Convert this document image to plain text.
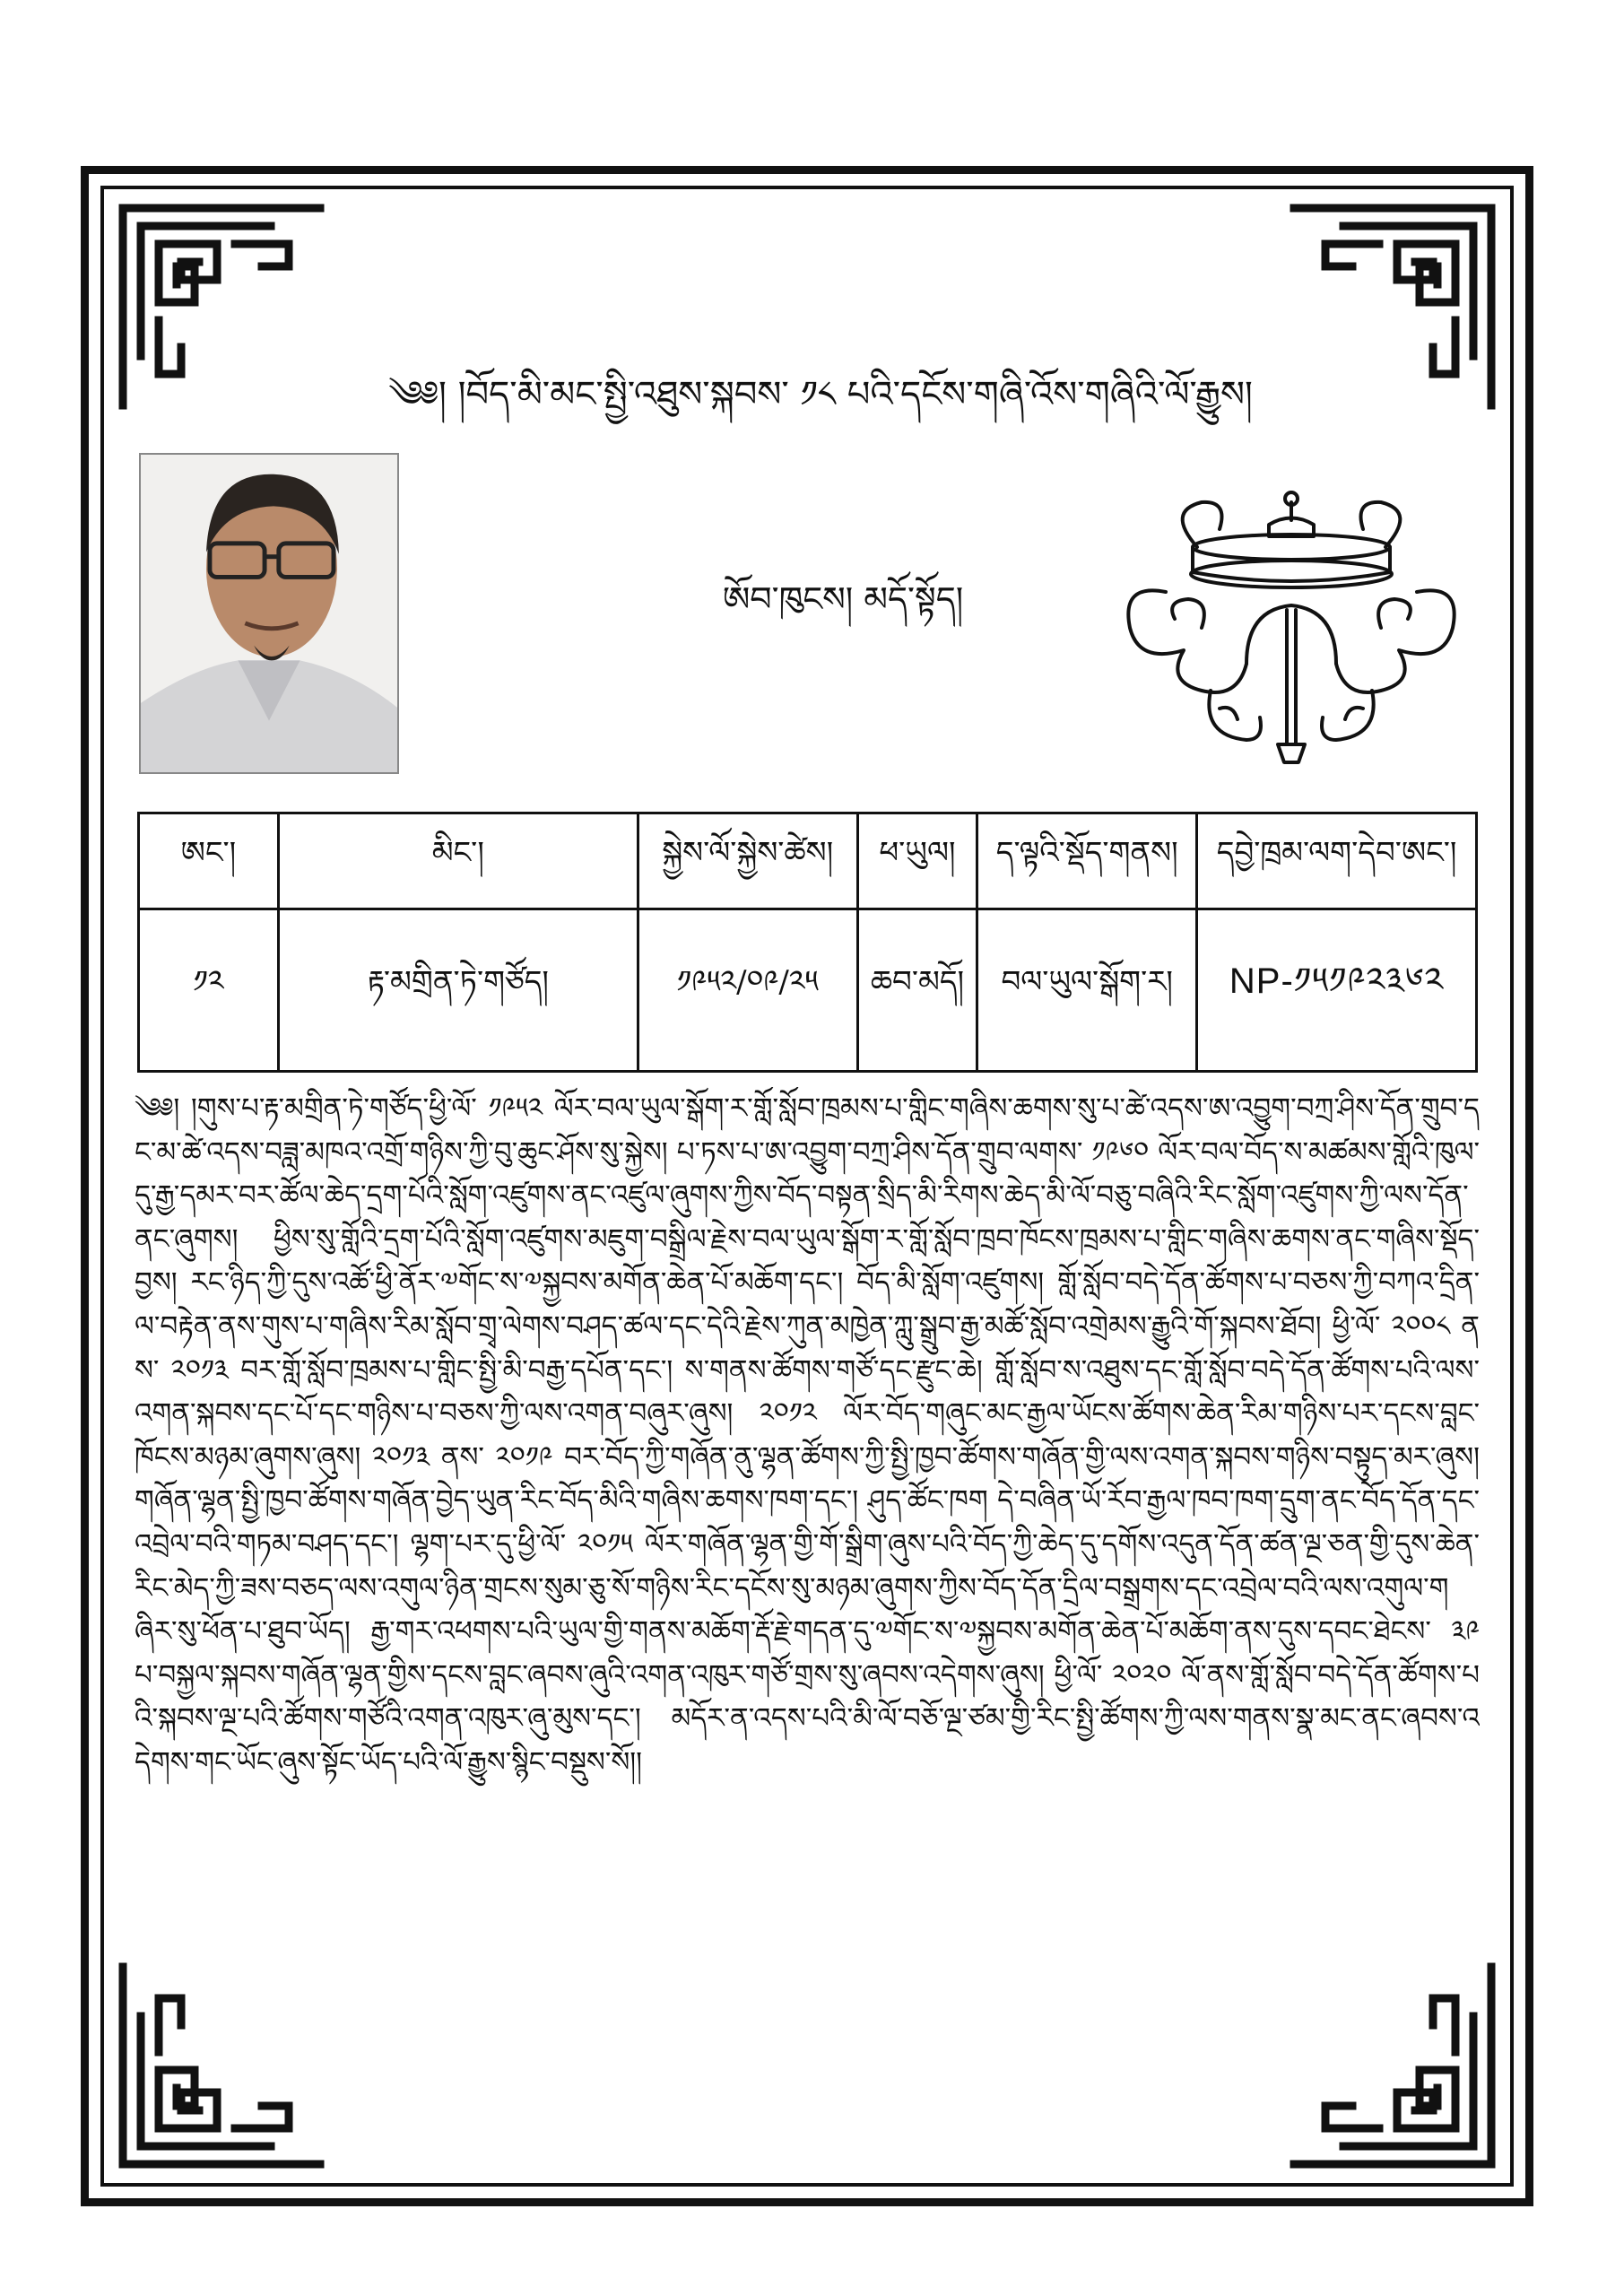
༄༅། །བོད་མི་མང་སྤྱི་འཐུས་སྐབས་ ༡༨ པའི་དངོས་གཞི་འོས་གཞིའི་ལོ་རྒྱུས།
ཨོབ་ཁུངས། མདོ་སྟོད།
ཨང་།	མིང་།	སྐྱེས་ལོ་སྐྱེས་ཚེས།	ཕ་ཡུལ།	ད་ལྟའི་སྡོད་གནས།	དབྱེ་ཁྲམ་ལག་དེབ་ཨང་།
༡༢	རྟ་མགྲིན་ཏེ་གཙོད།	༡༩༥༢/༠༩/༢༥	ཆབ་མདོ།	བལ་ཡུལ་སྒོག་ར།	NP-༡༥༡༩༢༣༦༢
༄༅། །གུས་པ་རྟ་མགྲིན་ཏེ་གཙོད་ཕྱི་ལོ་ ༡༩༥༢ ལོར་བལ་ཡུལ་སྒོག་ར་གློ་སློབ་ཁྲམས་པ་གླིང་གཞིས་ཆགས་སུ་པ་ཚེ་འདས་ཨ་འབྱུག་བཀྲ་ཤིས་དོན་གྲུབ་དང་མ་ཚེ་འདས་བཟླ་མཁའ་འགྲོ་གཉིས་ཀྱི་བུ་ཆུང་ཤོས་སུ་སྐྱེས། པ་ཏས་པ་ཨ་འབྱུག་བཀྲ་ཤིས་དོན་གྲུབ་ལགས་ ༡༩༦༠ ལོར་བལ་བོད་ས་མཚམས་གློའི་ཁུལ་དུ་རྒྱ་དམར་བར་ཚོལ་ཆེད་དྲག་པོའི་སློག་འཛུགས་ནང་འཛུལ་ཞུགས་ཀྱིས་བོད་བསྟན་སྲིད་མི་རིགས་ཆེད་མི་ལོ་བཅུ་བཞིའི་རིང་སློག་འཛུགས་ཀྱི་ལས་དོན་ནང་ཞུགས། ཕྱིས་སུ་གློའི་དྲག་པོའི་སློག་འཛུགས་མཇུག་བསྒྲིལ་རྗེས་བལ་ཡུལ་སྒོག་ར་གློ་སློབ་ཁྲབ་ཁོངས་ཁྲམས་པ་གླིང་གཞིས་ཆགས་ནང་གཞིས་སྡོད་བྱས། རང་ཉིད་ཀྱི་དུས་འཚོ་ཕྱི་ནོར་༧གོང་ས་༧སྐྱབས་མགོན་ཆེན་པོ་མཆོག་དང་། བོད་མི་སློག་འཛུགས། གློ་སློབ་བདེ་དོན་ཚོགས་པ་བཅས་ཀྱི་བཀའ་དྲིན་ལ་བརྟེན་ནས་གུས་པ་གཞིས་རིམ་སློབ་གྲྭ་ལེགས་བཤད་ཚལ་དང་དེའི་རྗེས་ཀུན་མཁྱེན་ཀླུ་སྒྲུབ་རྒྱ་མཚོ་སློབ་འགྲེམས་རྒྱུའི་གོ་སྐབས་ཐོབ། ཕྱི་ལོ་ ༢༠༠༨ ནས་ ༢༠༡༣ བར་གློ་སློབ་ཁྲམས་པ་གླིང་སྤྱི་མི་བརྒྱ་དཔོན་དང་། ས་གནས་ཚོགས་གཙོ་དང་རྫུང་ཆེ། གློ་སློབ་ས་འཐུས་དང་གློ་སློབ་བདེ་དོན་ཚོགས་པའི་ལས་འགན་སྐབས་དང་པོ་དང་གཉིས་པ་བཅས་ཀྱི་ལས་འགན་བཞུར་ཞུས། ༢༠༡༢ ལོར་བོད་གཞུང་མང་རྒྱལ་ཡོངས་ཚོགས་ཆེན་རིམ་གཉིས་པར་དངས་བླང་ཁོངས་མཉམ་ཞུགས་ཞུས། ༢༠༡༣ ནས་ ༢༠༡༩ བར་བོད་ཀྱི་གཞོན་ནུ་ལྷན་ཚོགས་ཀྱི་སྤྱི་ཁྱབ་ཚོགས་གཞོན་གྱི་ལས་འགན་སྐབས་གཉིས་བསྟུད་མར་ཞུས། གཞོན་ལྷན་སྤྱི་ཁྱབ་ཚོགས་གཞོན་བྱེད་ཡུན་རིང་བོད་མིའི་གཞིས་ཆགས་ཁག་དང་། ཤུད་ཚོང་ཁག དེ་བཞིན་ཡོ་རོབ་རྒྱལ་ཁབ་ཁག་དྲུག་ནང་བོད་དོན་དང་འབྲེལ་བའི་གཏམ་བཤད་དང་། ལྷག་པར་དུ་ཕྱི་ལོ་ ༢༠༡༥ ལོར་གཞོན་ལྷན་གྱི་གོ་སྒྲིག་ཞུས་པའི་བོད་ཀྱི་ཆེད་དུ་དགོས་འདུན་དོན་ཚན་ལྔ་ཅན་གྱི་དུས་ཆེན་རིང་མེད་ཀྱི་ཟས་བཅད་ལས་འགུལ་ཉིན་གྲངས་སུམ་ཅུ་སོ་གཉིས་རིང་དངོས་སུ་མཉམ་ཞུགས་ཀྱིས་བོད་དོན་དྲིལ་བསྒྲགས་དང་འབྲེལ་བའི་ལས་འགུལ་གཞིར་སུ་ཕོན་པ་ཐུབ་ཡོད། རྒྱ་གར་འཕགས་པའི་ཡུལ་གྱི་གནས་མཆོག་རྡོ་རྗེ་གདན་དུ་༧གོང་ས་༧སྐྱབས་མགོན་ཆེན་པོ་མཆོག་ནས་དུས་དབང་ཐེངས་ ༣༩ པ་བསྐྱལ་སྐབས་གཞོན་ལྷན་གྱིས་དངས་བླང་ཞབས་ཞུའི་འགན་འཁུར་གཙོ་གྲས་སུ་ཞབས་འདེགས་ཞུས། ཕྱི་ལོ་ ༢༠༢༠ ལོ་ནས་གློ་སློབ་བདེ་དོན་ཚོགས་པའི་སྐབས་ལྔ་པའི་ཚོགས་གཙོའི་འགན་འཁུར་ཞུ་མུས་དང་། མདོར་ན་འདས་པའི་མི་ལོ་བཅོ་ལྔ་ཙམ་གྱི་རིང་སྤྱི་ཚོགས་ཀྱི་ལས་གནས་སྣ་མང་ནང་ཞབས་འདེགས་གང་ཡོང་ཞུས་སྟོང་ཡོད་པའི་ལོ་རྒྱུས་སྙིང་བསྡུས་སོ།།
